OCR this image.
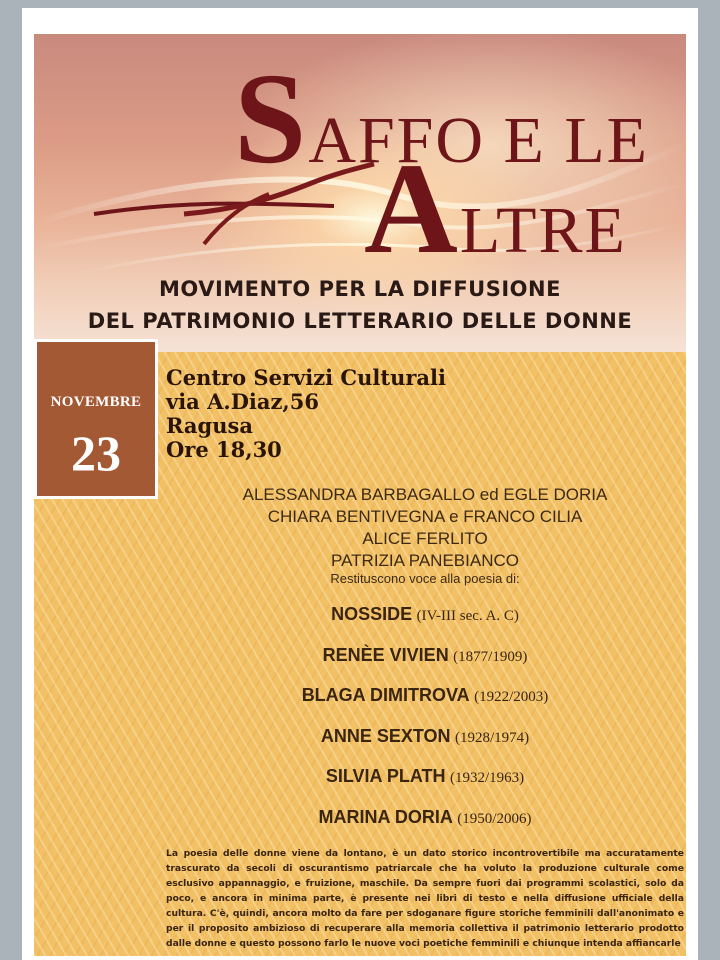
SAFFO E LE
ALTRE
MOVIMENTO PER LA DIFFUSIONE
DEL PATRIMONIO LETTERARIO DELLE DONNE
NOVEMBRE
23
Centro Servizi Culturali
via A.Diaz,56
Ragusa
Ore 18,30
ALESSANDRA BARBAGALLO ed EGLE DORIA
CHIARA BENTIVEGNA e FRANCO CILIA
ALICE FERLITO
PATRIZIA PANEBIANCO
Restituscono voce alla poesia di:
NOSSIDE (IV-III sec. A. C)
RENÈE VIVIEN (1877/1909)
BLAGA DIMITROVA (1922/2003)
ANNE SEXTON (1928/1974)
SILVIA PLATH (1932/1963)
MARINA DORIA (1950/2006)
La poesia delle donne viene da lontano, è un dato storico incontrovertibile ma accuratamente trascurato da secoli di oscurantismo patriarcale che ha voluto la produzione culturale come esclusivo appannaggio, e fruizione, maschile. Da sempre fuori dai programmi scolastici, solo da poco, e ancora in minima parte, è presente nei libri di testo e nella diffusione ufficiale della cultura. C'è, quindi, ancora molto da fare per sdoganare figure storiche femminili dall'anonimato e per il proposito ambizioso di recuperare alla memoria collettiva il patrimonio letterario prodotto dalle donne e questo possono farlo le nuove voci poetiche femminili e chiunque intenda affiancarle
